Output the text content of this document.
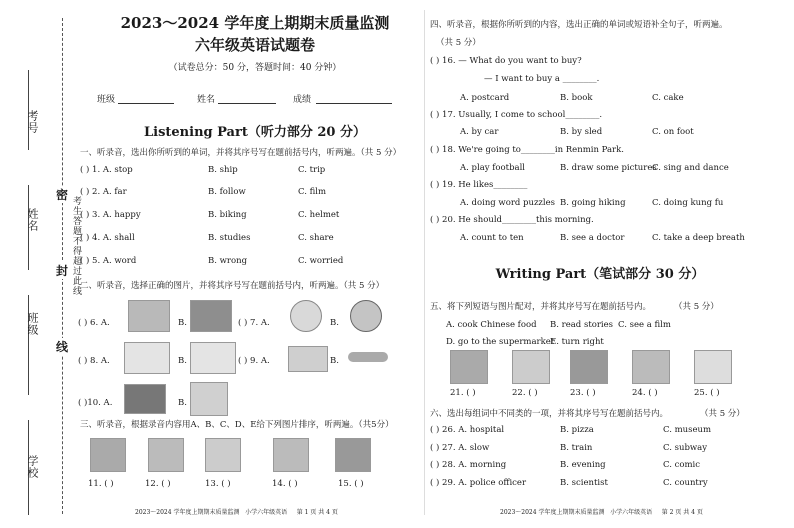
考号
姓名
班级
学校
考生答题不得超过此线
密
封
线
2023～2024 学年度上期期末质量监测
六年级英语试题卷
（试卷总分：50 分，答题时间：40 分钟）
班级	姓名	成绩
Listening Part（听力部分 20 分）
一、听录音，选出你所听到的单词，并将其序号写在题前括号内，听两遍。（共 5 分）
( ) 1. A. stop	B. ship	C. trip
( ) 2. A. far	B. follow	C. film
( ) 3. A. happy	B. biking	C. helmet
( ) 4. A. shall	B. studies	C. share
( ) 5. A. word	B. wrong	C. worried
二、听录音，选择正确的图片，并将其序号写在题前括号内，听两遍。（共 5 分）
( ) 6. A.	B.	( ) 7. A.	B.
( ) 8. A.	B.	( ) 9. A.	B.
( )10. A.	B.
三、听录音，根据录音内容用A、B、C、D、E给下列图片排序，听两遍。（共5分）
11. ( )	12. ( )	13. ( )	14. ( )	15. ( )
2023～2024 学年度上期期末质量监测   小学六年级英语     第 1 页 共 4 页
四、听录音，根据你所听到的内容，选出正确的单词或短语补全句子，听两遍。
（共 5 分）
( ) 16. — What do you want to buy?
— I want to buy a ________.
A. postcard	B. book	C. cake
( ) 17. Usually, I come to school________.
A. by car	B. by sled	C. on foot
( ) 18. We're going to________in Renmin Park.
A. play football	B. draw some pictures
C. sing and dance
( ) 19. He likes________
A. doing word puzzles B. going hiking	C. doing kung fu
( ) 20. He should________this morning.
A. count to ten	B. see a doctor	C. take a deep breath
Writing Part（笔试部分 30 分）
五、将下列短语与图片配对，并将其序号写在题前括号内。	（共 5 分）
A. cook Chinese food B. read stories C. see a film
D. go to the supermarket
E. turn right
21. ( )	22. ( )	23. ( )	24. ( )	25. ( )
六、选出每组词中不同类的一项，并将其序号写在题前括号内。	（共 5 分）
( ) 26. A. hospital	B. pizza	C. museum
( ) 27. A. slow	B. train	C. subway
( ) 28. A. morning	B. evening	C. comic
( ) 29. A. police officer	B. scientist	C. country
2023～2024 学年度上期期末质量监测   小学六年级英语     第 2 页 共 4 页
